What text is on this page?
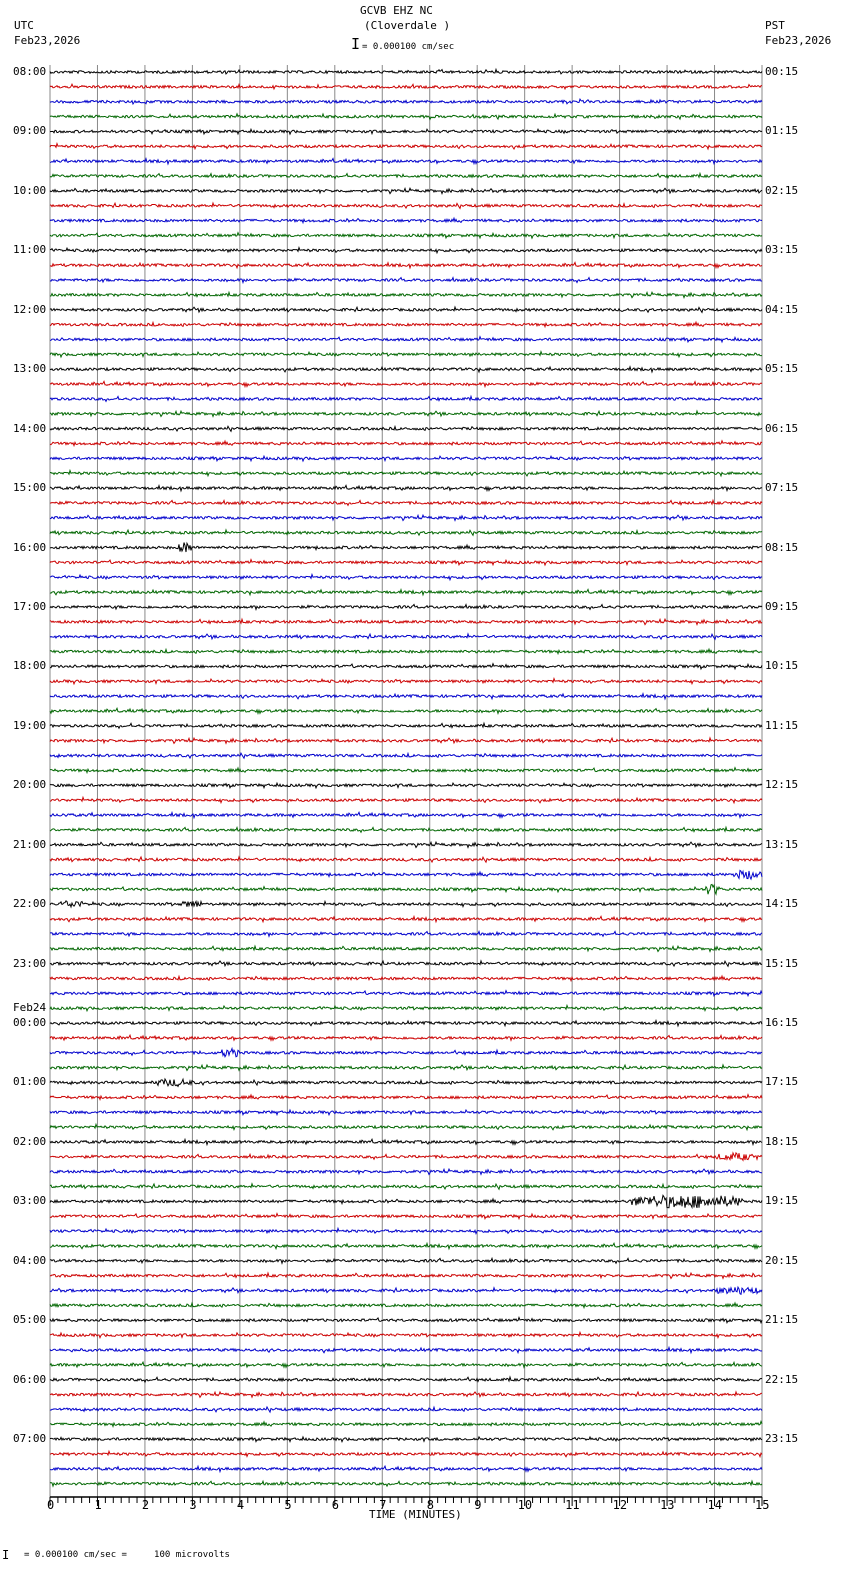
GCVB EHZ NC
(Cloverdale )
UTC
Feb23,2026
PST
Feb23,2026
I = 0.000100 cm/sec
TIME (MINUTES)
I = 0.000100 cm/sec =     100 microvolts
0	1	2	3	4	5	6	7	8	9	10	11	12	13	14	15
08:00	00:15
09:00	01:15
10:00	02:15
11:00	03:15
12:00	04:15
13:00	05:15
14:00	06:15
15:00	07:15
16:00	08:15
17:00	09:15
18:00	10:15
19:00	11:15
20:00	12:15
21:00	13:15
22:00	14:15
23:00	15:15
00:00	16:15
Feb24
01:00	17:15
02:00	18:15
03:00	19:15
04:00	20:15
05:00	21:15
06:00	22:15
07:00	23:15
